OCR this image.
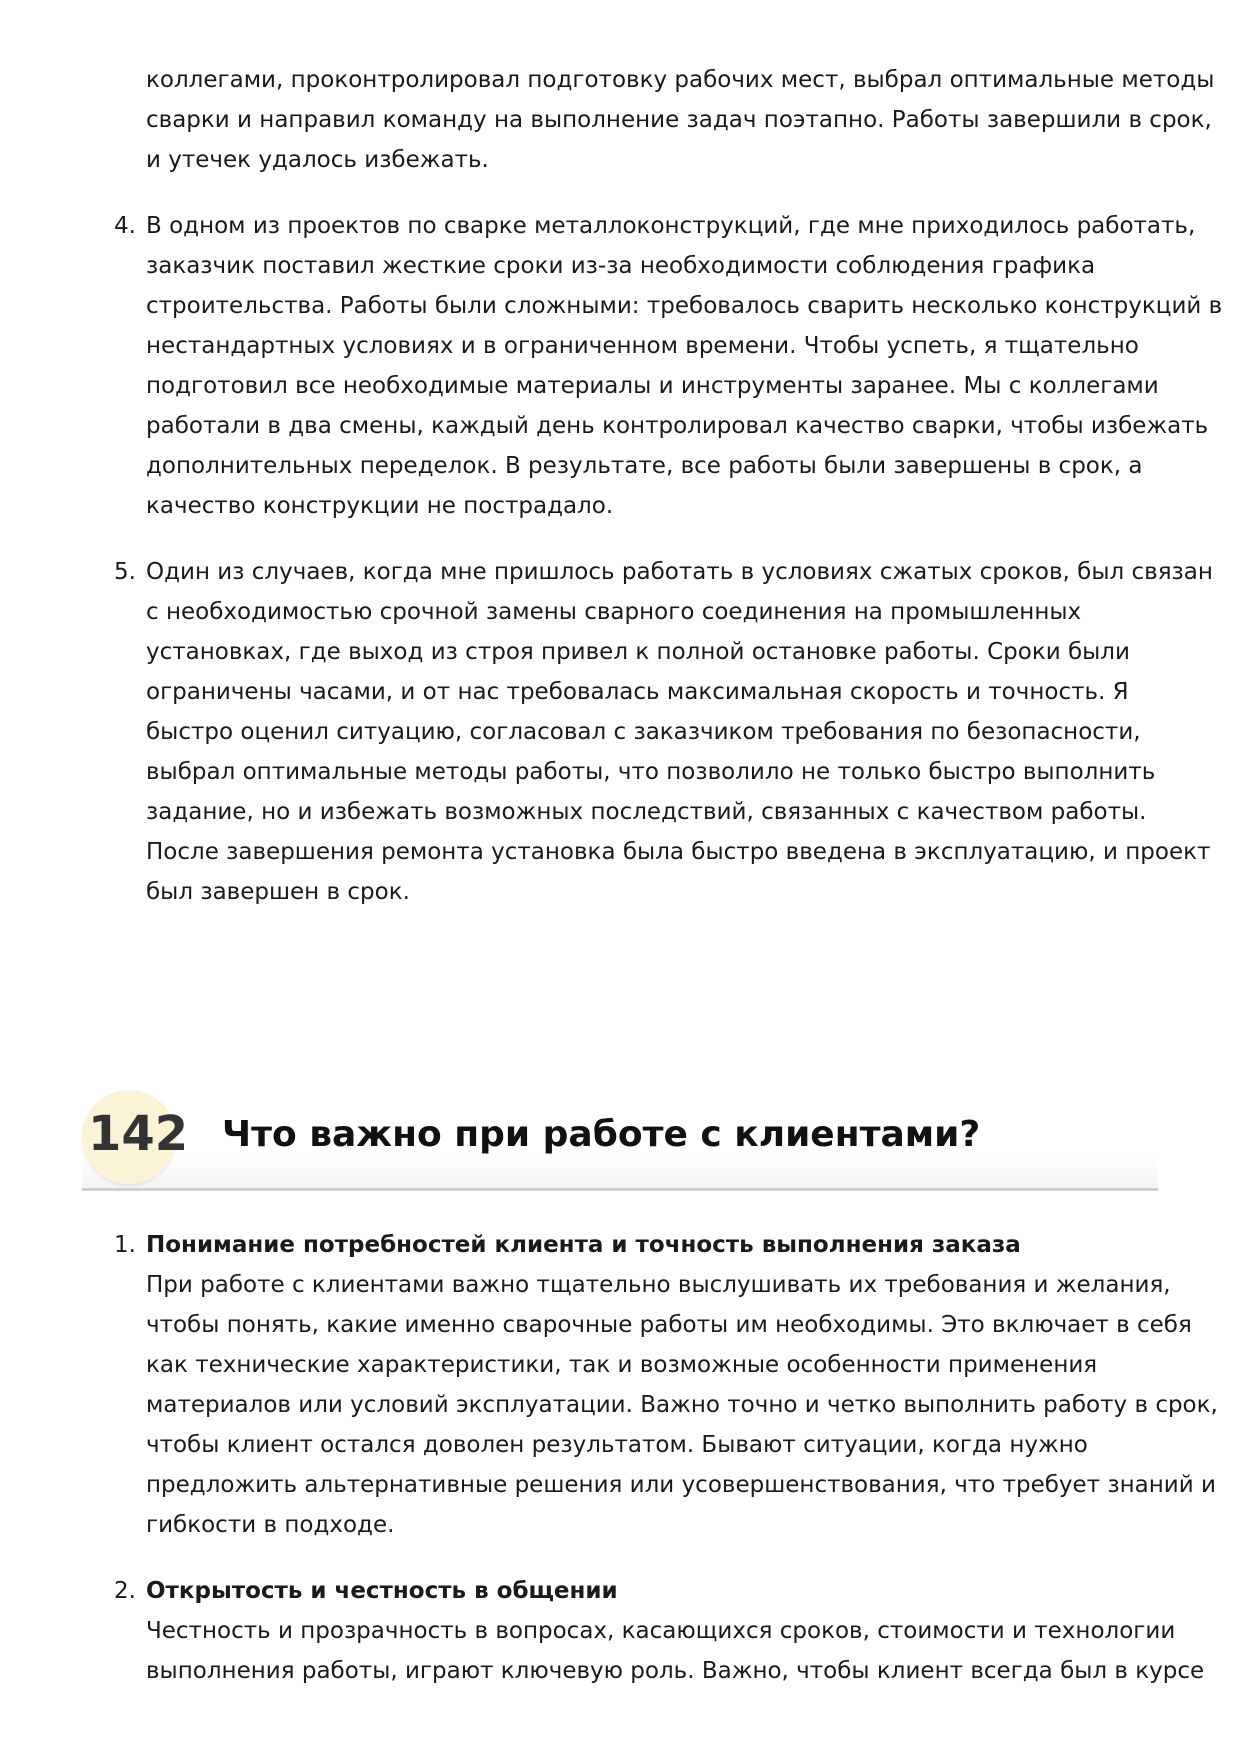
коллегами, проконтролировал подготовку рабочих мест, выбрал оптимальные методы
сварки и направил команду на выполнение задач поэтапно. Работы завершили в срок,
и утечек удалось избежать.
4. В одном из проектов по сварке металлоконструкций, где мне приходилось работать,
заказчик поставил жесткие сроки из-за необходимости соблюдения графика
строительства. Работы были сложными: требовалось сварить несколько конструкций в
нестандартных условиях и в ограниченном времени. Чтобы успеть, я тщательно
подготовил все необходимые материалы и инструменты заранее. Мы с коллегами
работали в два смены, каждый день контролировал качество сварки, чтобы избежать
дополнительных переделок. В результате, все работы были завершены в срок, а
качество конструкции не пострадало.
5. Один из случаев, когда мне пришлось работать в условиях сжатых сроков, был связан
с необходимостью срочной замены сварного соединения на промышленных
установках, где выход из строя привел к полной остановке работы. Сроки были
ограничены часами, и от нас требовалась максимальная скорость и точность. Я
быстро оценил ситуацию, согласовал с заказчиком требования по безопасности,
выбрал оптимальные методы работы, что позволило не только быстро выполнить
задание, но и избежать возможных последствий, связанных с качеством работы.
После завершения ремонта установка была быстро введена в эксплуатацию, и проект
был завершен в срок.
142 Что важно при работе с клиентами?
1. Понимание потребностей клиента и точность выполнения заказа
При работе с клиентами важно тщательно выслушивать их требования и желания,
чтобы понять, какие именно сварочные работы им необходимы. Это включает в себя
как технические характеристики, так и возможные особенности применения
материалов или условий эксплуатации. Важно точно и четко выполнить работу в срок,
чтобы клиент остался доволен результатом. Бывают ситуации, когда нужно
предложить альтернативные решения или усовершенствования, что требует знаний и
гибкости в подходе.
2. Открытость и честность в общении
Честность и прозрачность в вопросах, касающихся сроков, стоимости и технологии
выполнения работы, играют ключевую роль. Важно, чтобы клиент всегда был в курсе
